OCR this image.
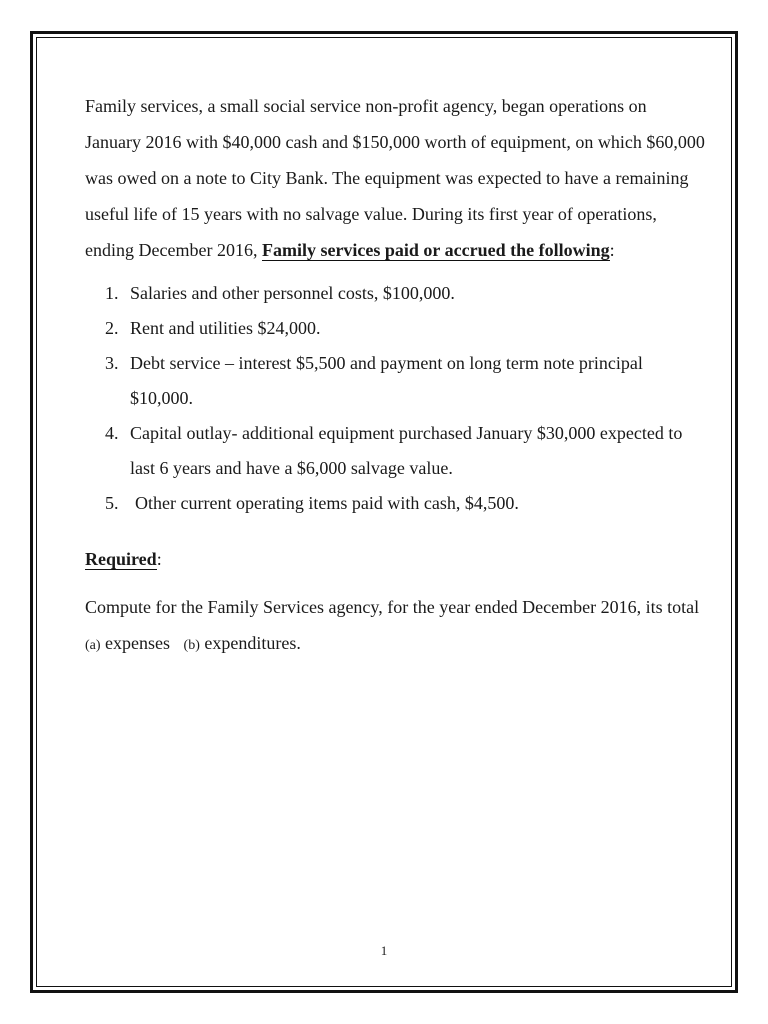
Family services, a small social service non-profit agency, began operations on January 2016 with $40,000 cash and $150,000 worth of equipment, on which $60,000 was owed on a note to City Bank. The equipment was expected to have a remaining useful life of 15 years with no salvage value. During its first year of operations, ending December 2016, Family services paid or accrued the following:

1. Salaries and other personnel costs, $100,000.
2. Rent and utilities $24,000.
3. Debt service – interest $5,500 and payment on long term note principal $10,000.
4. Capital outlay- additional equipment purchased January $30,000 expected to last 6 years and have a $6,000 salvage value.
5. Other current operating items paid with cash, $4,500.
Required:

Compute for the Family Services agency, for the year ended December 2016, its total (a) expenses   (b) expenditures.

1
